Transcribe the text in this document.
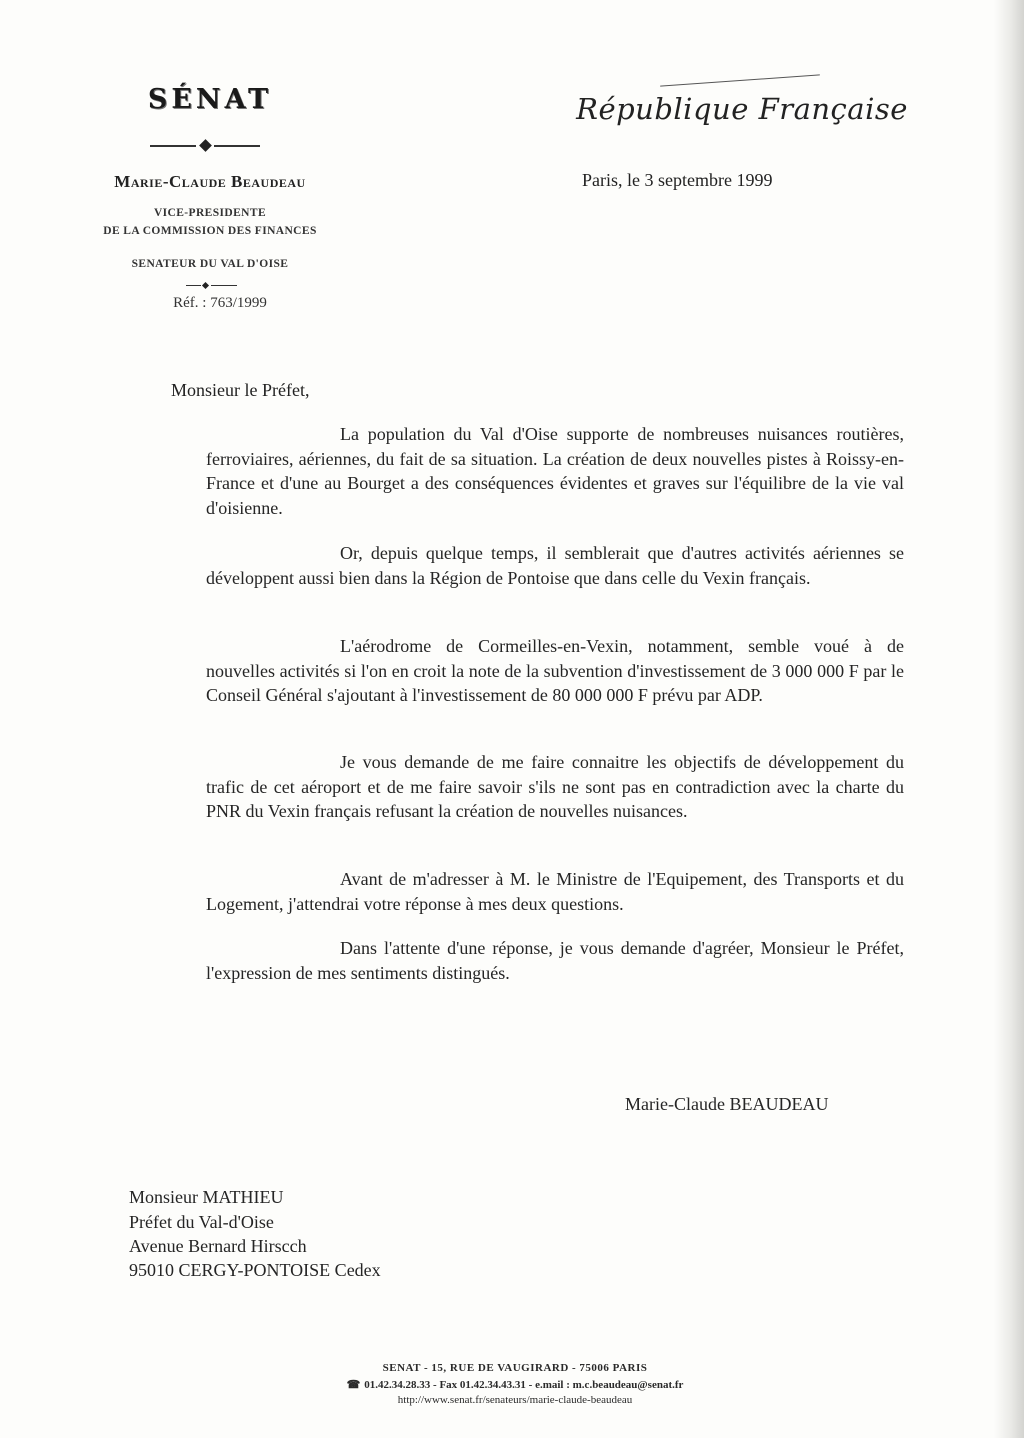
SÉNAT
Marie-Claude Beaudeau
VICE-PRESIDENTE
DE LA COMMISSION DES FINANCES
SENATEUR DU VAL D'OISE
Réf. : 763/1999
République Française
Paris, le 3 septembre 1999
Monsieur le Préfet,
La population du Val d'Oise supporte de nombreuses nuisances routières, ferroviaires, aériennes, du fait de sa situation. La création de deux nouvelles pistes à Roissy-en-France et d'une au Bourget a des conséquences évidentes et graves sur l'équilibre de la vie val d'oisienne.
Or, depuis quelque temps, il semblerait que d'autres activités aériennes se développent aussi bien dans la Région de Pontoise que dans celle du Vexin français.
L'aérodrome de Cormeilles-en-Vexin, notamment, semble voué à de nouvelles activités si l'on en croit la note de la subvention d'investissement de 3 000 000 F par le Conseil Général s'ajoutant à l'investissement de 80 000 000 F prévu par ADP.
Je vous demande de me faire connaitre les objectifs de développement du trafic de cet aéroport et de me faire savoir s'ils ne sont pas en contradiction avec la charte du PNR du Vexin français refusant la création de nouvelles nuisances.
Avant de m'adresser à M. le Ministre de l'Equipement, des Transports et du Logement, j'attendrai votre réponse à mes deux questions.
Dans l'attente d'une réponse, je vous demande d'agréer, Monsieur le Préfet, l'expression de mes sentiments distingués.
Marie-Claude BEAUDEAU
Monsieur MATHIEU
Préfet du Val-d'Oise
Avenue Bernard Hirscch
95010 CERGY-PONTOISE Cedex
SENAT - 15, RUE DE VAUGIRARD - 75006 PARIS
☎ 01.42.34.28.33 - Fax 01.42.34.43.31 - e.mail : m.c.beaudeau@senat.fr
http://www.senat.fr/senateurs/marie-claude-beaudeau
